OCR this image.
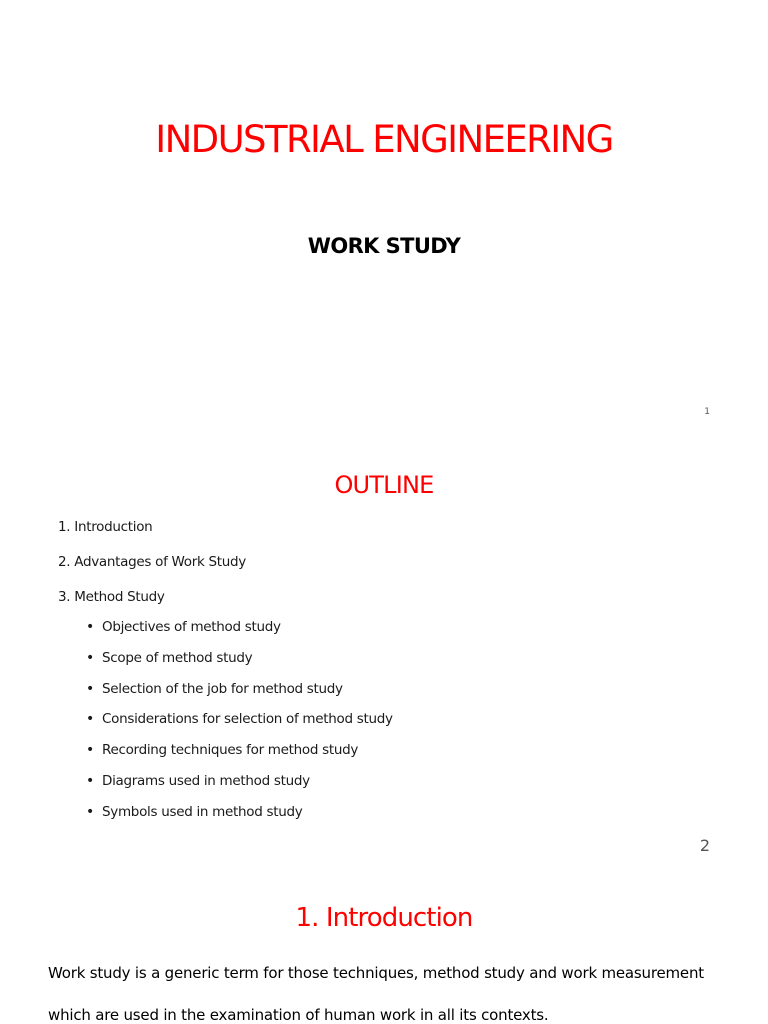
INDUSTRIAL ENGINEERING
WORK STUDY
1
OUTLINE
1. Introduction
2. Advantages of Work Study
3. Method Study
• Objectives of method study
• Scope of method study
• Selection of the job for method study
• Considerations for selection of method study
• Recording techniques for method study
• Diagrams used in method study
• Symbols used in method study
2
1. Introduction
Work study is a generic term for those techniques, method study and work measurement
which are used in the examination of human work in all its contexts.
